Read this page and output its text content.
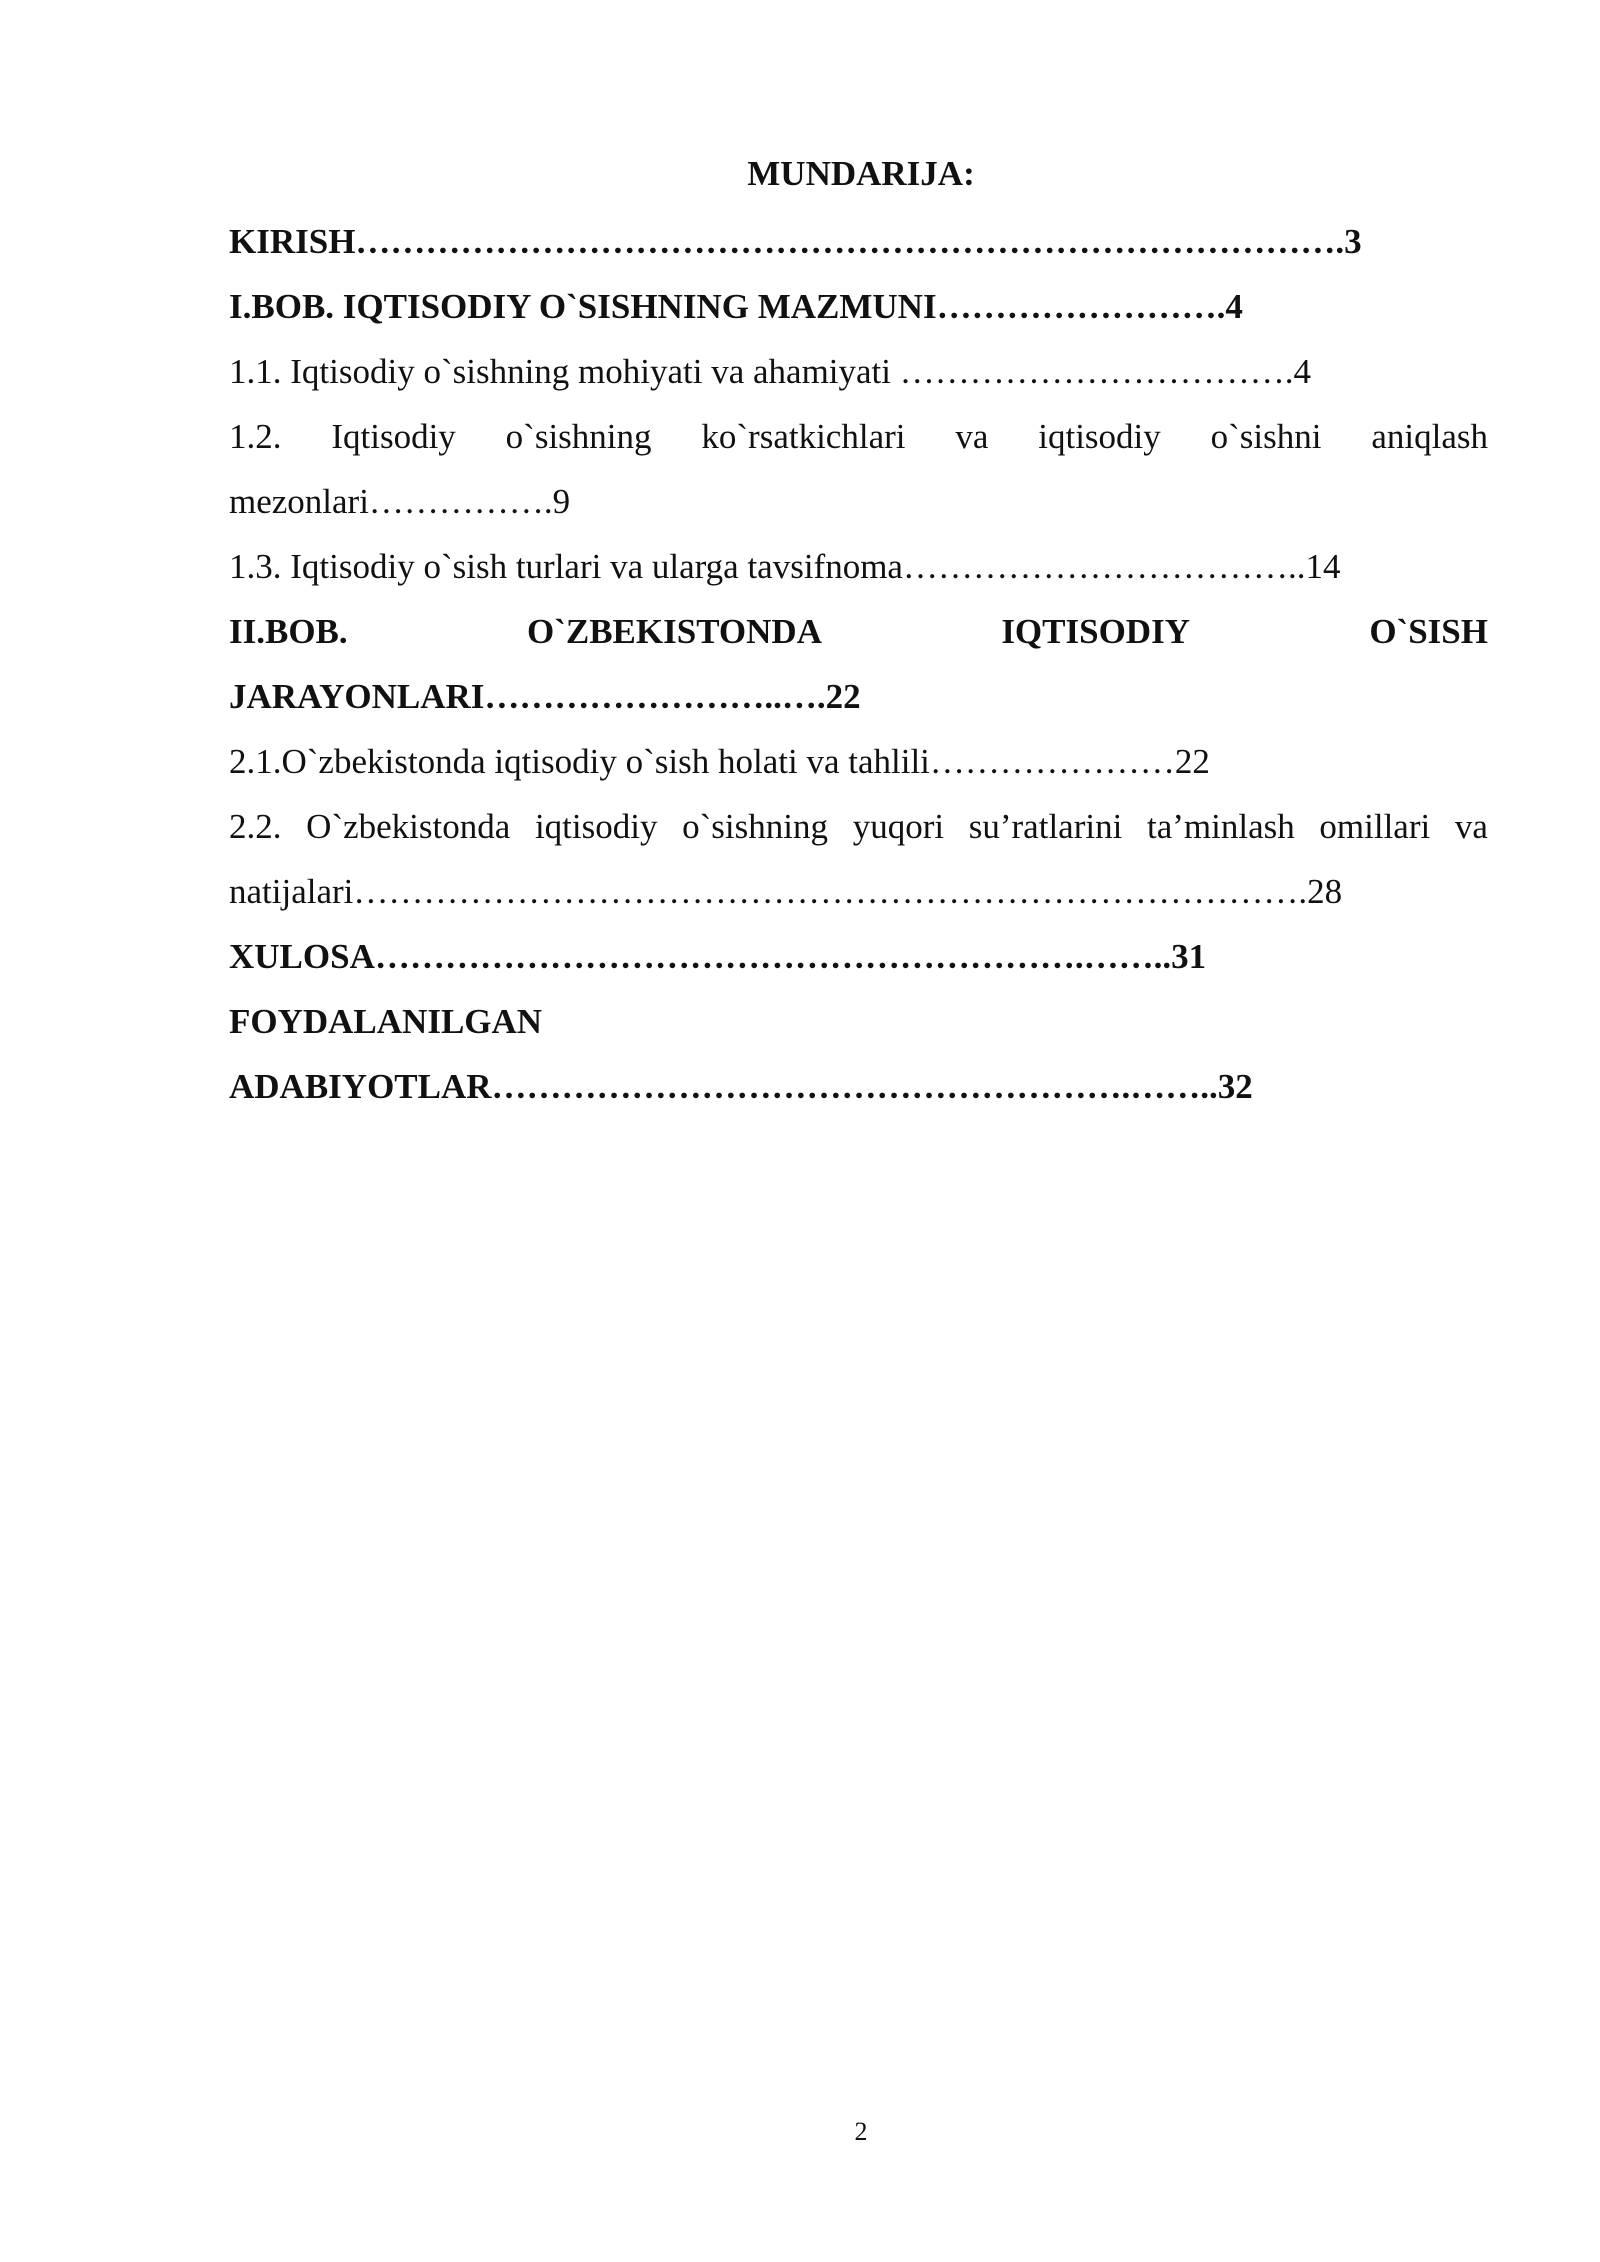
MUNDARIJA:
KIRISH………………………………………………………………………….3
I.BOB. IQTISODIY O`SISHNING MAZMUNI…………………….4
1.1. Iqtisodiy o`sishning mohiyati va ahamiyati …………………………….4
1.2. Iqtisodiy o`sishning ko`rsatkichlari va iqtisodiy o`sishni aniqlash
mezonlari…………….9
1.3. Iqtisodiy o`sish turlari va ularga tavsifnoma……………………………..14
II.BOB.	O`ZBEKISTONDA	IQTISODIY	O`SISH
JARAYONLARI……………………..….22
2.1.O`zbekistonda iqtisodiy o`sish holati va tahlili…………………22
2.2. O`zbekistonda iqtisodiy o`sishning yuqori su’ratlarini ta’minlash omillari va
natijalari……………………………………………………………………….28
XULOSA…………………………………………………….……..31
FOYDALANILGAN
ADABIYOTLAR……………………………………………….……..32
2
